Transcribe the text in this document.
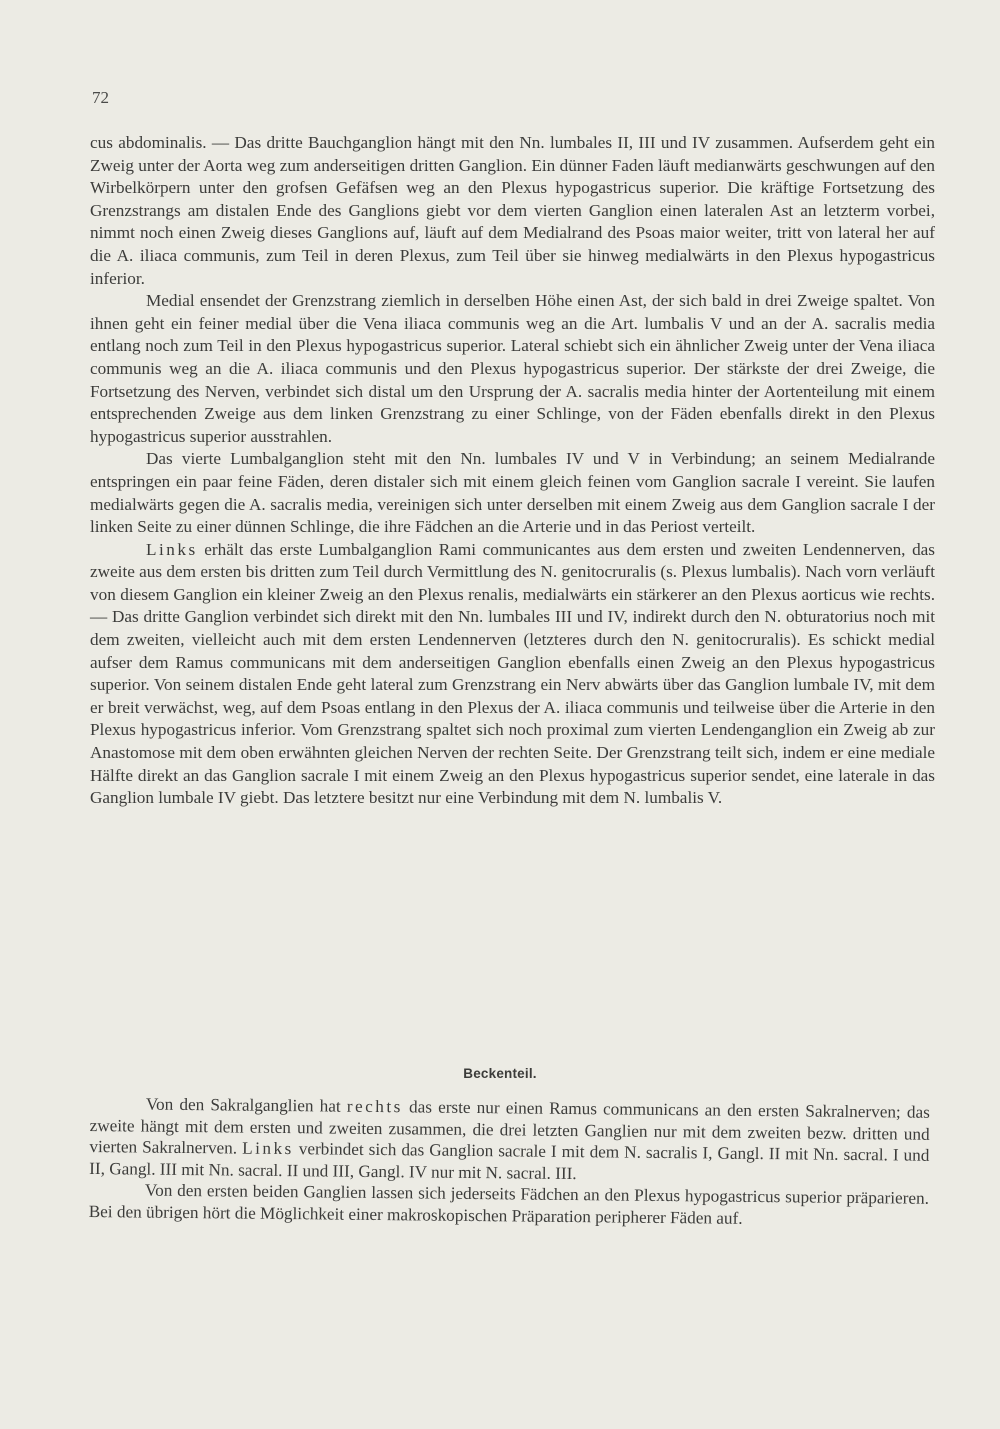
72

cus abdominalis. — Das dritte Bauchganglion hängt mit den Nn. lumbales II, III und IV zusammen. Aufserdem geht ein Zweig unter der Aorta weg zum anderseitigen dritten Ganglion. Ein dünner Faden läuft medianwärts geschwungen auf den Wirbelkörpern unter den grofsen Gefäfsen weg an den Plexus hypogastricus superior. Die kräftige Fortsetzung des Grenzstrangs am distalen Ende des Ganglions giebt vor dem vierten Ganglion einen lateralen Ast an letzterm vorbei, nimmt noch einen Zweig dieses Ganglions auf, läuft auf dem Medialrand des Psoas maior weiter, tritt von lateral her auf die A. iliaca communis, zum Teil in deren Plexus, zum Teil über sie hinweg medialwärts in den Plexus hypogastricus inferior.

Medial ensendet der Grenzstrang ziemlich in derselben Höhe einen Ast, der sich bald in drei Zweige spaltet. Von ihnen geht ein feiner medial über die Vena iliaca communis weg an die Art. lumbalis V und an der A. sacralis media entlang noch zum Teil in den Plexus hypogastricus superior. Lateral schiebt sich ein ähnlicher Zweig unter der Vena iliaca communis weg an die A. iliaca communis und den Plexus hypogastricus superior. Der stärkste der drei Zweige, die Fortsetzung des Nerven, verbindet sich distal um den Ursprung der A. sacralis media hinter der Aortenteilung mit einem entsprechenden Zweige aus dem linken Grenzstrang zu einer Schlinge, von der Fäden ebenfalls direkt in den Plexus hypogastricus superior ausstrahlen.

Das vierte Lumbalganglion steht mit den Nn. lumbales IV und V in Verbindung; an seinem Medialrande entspringen ein paar feine Fäden, deren distaler sich mit einem gleich feinen vom Ganglion sacrale I vereint. Sie laufen medialwärts gegen die A. sacralis media, vereinigen sich unter derselben mit einem Zweig aus dem Ganglion sacrale I der linken Seite zu einer dünnen Schlinge, die ihre Fädchen an die Arterie und in das Periost verteilt.

Links erhält das erste Lumbalganglion Rami communicantes aus dem ersten und zweiten Lendennerven, das zweite aus dem ersten bis dritten zum Teil durch Vermittlung des N. genitocruralis (s. Plexus lumbalis). Nach vorn verläuft von diesem Ganglion ein kleiner Zweig an den Plexus renalis, medialwärts ein stärkerer an den Plexus aorticus wie rechts. — Das dritte Ganglion verbindet sich direkt mit den Nn. lumbales III und IV, indirekt durch den N. obturatorius noch mit dem zweiten, vielleicht auch mit dem ersten Lendennerven (letzteres durch den N. genitocruralis). Es schickt medial aufser dem Ramus communicans mit dem anderseitigen Ganglion ebenfalls einen Zweig an den Plexus hypogastricus superior. Von seinem distalen Ende geht lateral zum Grenzstrang ein Nerv abwärts über das Ganglion lumbale IV, mit dem er breit verwächst, weg, auf dem Psoas entlang in den Plexus der A. iliaca communis und teilweise über die Arterie in den Plexus hypogastricus inferior. Vom Grenzstrang spaltet sich noch proximal zum vierten Lendenganglion ein Zweig ab zur Anastomose mit dem oben erwähnten gleichen Nerven der rechten Seite. Der Grenzstrang teilt sich, indem er eine mediale Hälfte direkt an das Ganglion sacrale I mit einem Zweig an den Plexus hypogastricus superior sendet, eine laterale in das Ganglion lumbale IV giebt. Das letztere besitzt nur eine Verbindung mit dem N. lumbalis V.

Beckenteil.

Von den Sakralganglien hat rechts das erste nur einen Ramus communicans an den ersten Sakralnerven; das zweite hängt mit dem ersten und zweiten zusammen, die drei letzten Ganglien nur mit dem zweiten bezw. dritten und vierten Sakralnerven. Links verbindet sich das Ganglion sacrale I mit dem N. sacralis I, Gangl. II mit Nn. sacral. I und II, Gangl. III mit Nn. sacral. II und III, Gangl. IV nur mit N. sacral. III.

Von den ersten beiden Ganglien lassen sich jederseits Fädchen an den Plexus hypogastricus superior präparieren. Bei den übrigen hört die Möglichkeit einer makroskopischen Präparation peripherer Fäden auf.
